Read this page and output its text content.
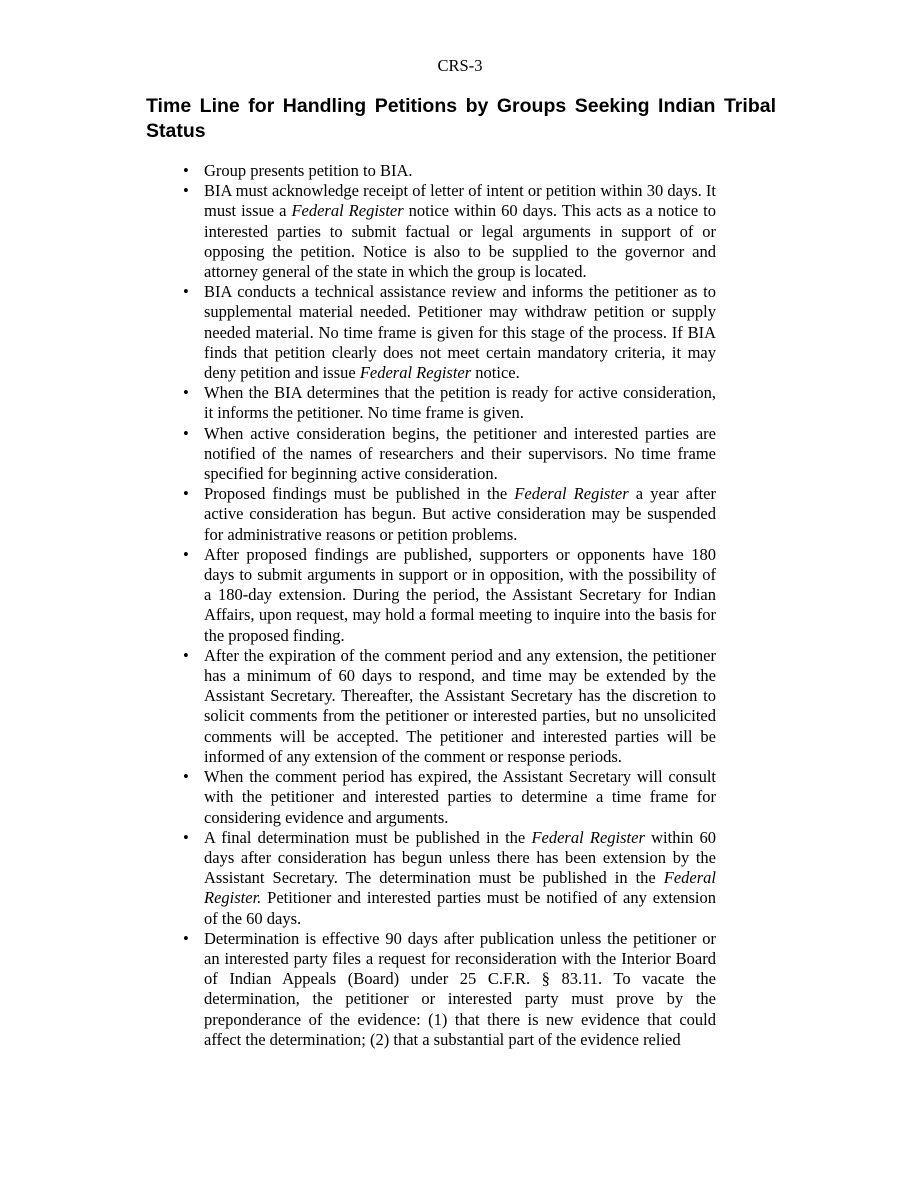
CRS-3
Time Line for Handling Petitions by Groups Seeking Indian Tribal Status
• Group presents petition to BIA.
• BIA must acknowledge receipt of letter of intent or petition within 30 days. It must issue a Federal Register notice within 60 days. This acts as a notice to interested parties to submit factual or legal arguments in support of or opposing the petition. Notice is also to be supplied to the governor and attorney general of the state in which the group is located.
• BIA conducts a technical assistance review and informs the petitioner as to supplemental material needed. Petitioner may withdraw petition or supply needed material. No time frame is given for this stage of the process. If BIA finds that petition clearly does not meet certain mandatory criteria, it may deny petition and issue Federal Register notice.
• When the BIA determines that the petition is ready for active consideration, it informs the petitioner. No time frame is given.
• When active consideration begins, the petitioner and interested parties are notified of the names of researchers and their supervisors. No time frame specified for beginning active consideration.
• Proposed findings must be published in the Federal Register a year after active consideration has begun. But active consideration may be suspended for administrative reasons or petition problems.
• After proposed findings are published, supporters or opponents have 180 days to submit arguments in support or in opposition, with the possibility of a 180-day extension. During the period, the Assistant Secretary for Indian Affairs, upon request, may hold a formal meeting to inquire into the basis for the proposed finding.
• After the expiration of the comment period and any extension, the petitioner has a minimum of 60 days to respond, and time may be extended by the Assistant Secretary. Thereafter, the Assistant Secretary has the discretion to solicit comments from the petitioner or interested parties, but no unsolicited comments will be accepted. The petitioner and interested parties will be informed of any extension of the comment or response periods.
• When the comment period has expired, the Assistant Secretary will consult with the petitioner and interested parties to determine a time frame for considering evidence and arguments.
• A final determination must be published in the Federal Register within 60 days after consideration has begun unless there has been extension by the Assistant Secretary. The determination must be published in the Federal Register. Petitioner and interested parties must be notified of any extension of the 60 days.
• Determination is effective 90 days after publication unless the petitioner or an interested party files a request for reconsideration with the Interior Board of Indian Appeals (Board) under 25 C.F.R. § 83.11. To vacate the determination, the petitioner or interested party must prove by the preponderance of the evidence: (1) that there is new evidence that could affect the determination; (2) that a substantial part of the evidence relied
